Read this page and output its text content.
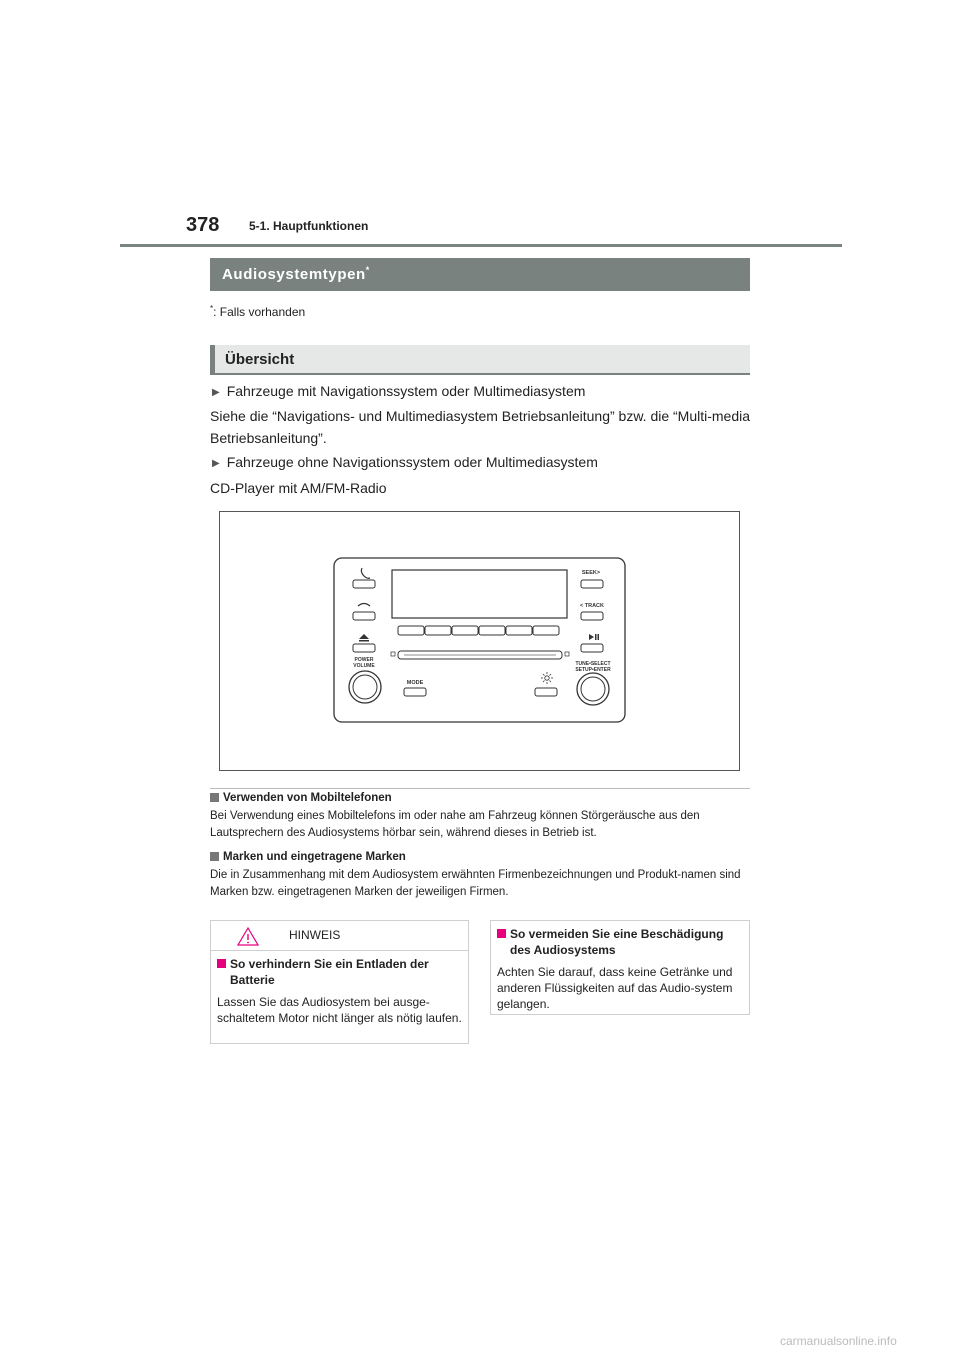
378 5-1. Hauptfunktionen
Audiosystemtypen*
*: Falls vorhanden
Übersicht
▶ Fahrzeuge mit Navigationssystem oder Multimediasystem
Siehe die “Navigations- und Multimediasystem Betriebsanleitung” bzw. die “Multi-media Betriebsanleitung”.
▶ Fahrzeuge ohne Navigationssystem oder Multimediasystem
CD-Player mit AM/FM-Radio
POWER
VOLUME
SEEK>
< TRACK
TUNE•SELECT
SETUP•ENTER
MODE
Verwenden von Mobiltelefonen
Bei Verwendung eines Mobiltelefons im oder nahe am Fahrzeug können Störgeräusche aus den Lautsprechern des Audiosystems hörbar sein, während dieses in Betrieb ist.
Marken und eingetragene Marken
Die in Zusammenhang mit dem Audiosystem erwähnten Firmenbezeichnungen und Produkt-namen sind Marken bzw. eingetragenen Marken der jeweiligen Firmen.
HINWEIS
So verhindern Sie ein Entladen der Batterie
Lassen Sie das Audiosystem bei ausge-schaltetem Motor nicht länger als nötig laufen.
So vermeiden Sie eine Beschädigung des Audiosystems
Achten Sie darauf, dass keine Getränke und anderen Flüssigkeiten auf das Audio-system gelangen.
carmanualsonline.info
